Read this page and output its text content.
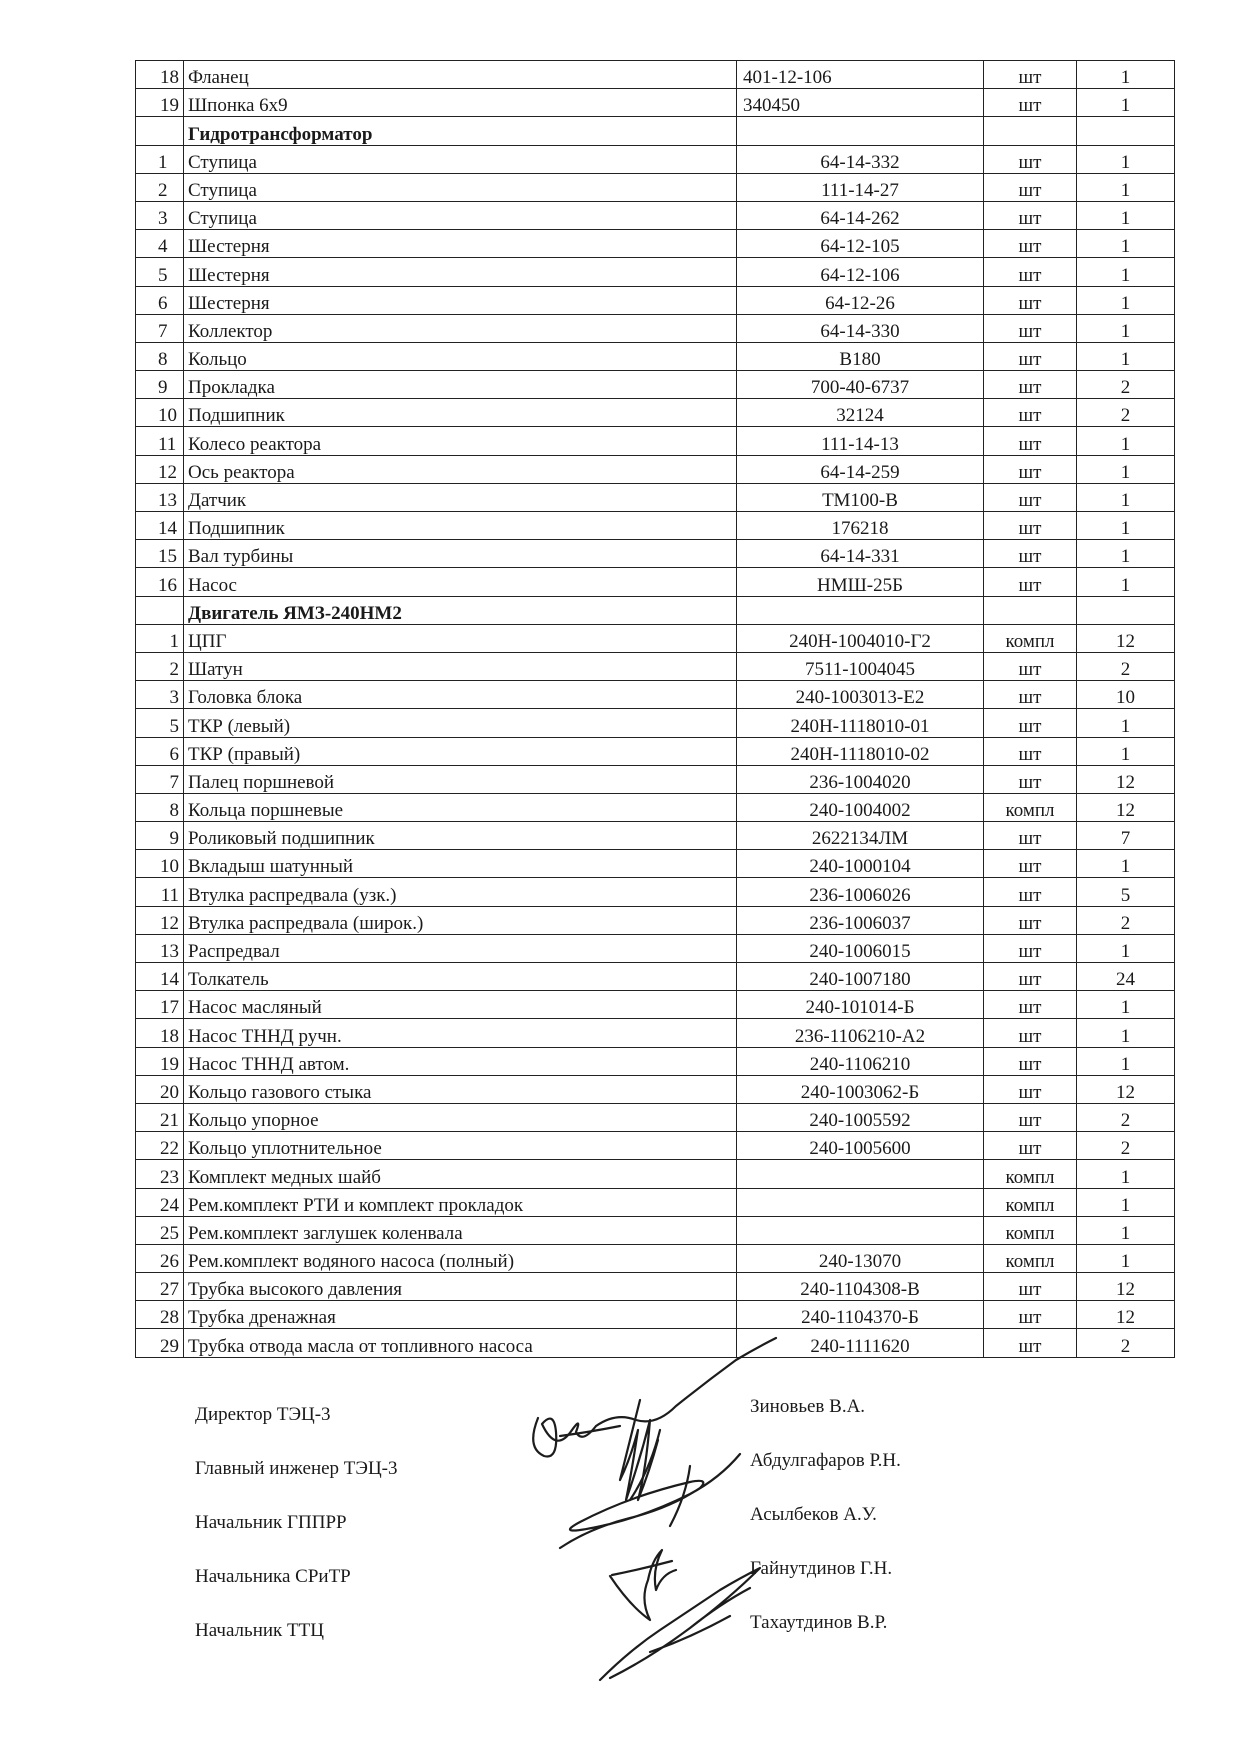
18	Фланец	401-12-106	шт	1
19	Шпонка 6х9	340450	шт	1
	Гидротрансформатор			
1	Ступица	64-14-332	шт	1
2	Ступица	111-14-27	шт	1
3	Ступица	64-14-262	шт	1
4	Шестерня	64-12-105	шт	1
5	Шестерня	64-12-106	шт	1
6	Шестерня	64-12-26	шт	1
7	Коллектор	64-14-330	шт	1
8	Кольцо	В180	шт	1
9	Прокладка	700-40-6737	шт	2
10	Подшипник	32124	шт	2
11	Колесо реактора	111-14-13	шт	1
12	Ось реактора	64-14-259	шт	1
13	Датчик	ТМ100-В	шт	1
14	Подшипник	176218	шт	1
15	Вал турбины	64-14-331	шт	1
16	Насос	НМШ-25Б	шт	1
	Двигатель ЯМЗ-240НМ2			
1	ЦПГ	240Н-1004010-Г2	компл	12
2	Шатун	7511-1004045	шт	2
3	Головка блока	240-1003013-Е2	шт	10
5	ТКР (левый)	240Н-1118010-01	шт	1
6	ТКР (правый)	240Н-1118010-02	шт	1
7	Палец поршневой	236-1004020	шт	12
8	Кольца поршневые	240-1004002	компл	12
9	Роликовый подшипник	2622134ЛМ	шт	7
10	Вкладыш шатунный	240-1000104	шт	1
11	Втулка распредвала (узк.)	236-1006026	шт	5
12	Втулка распредвала (широк.)	236-1006037	шт	2
13	Распредвал	240-1006015	шт	1
14	Толкатель	240-1007180	шт	24
17	Насос масляный	240-101014-Б	шт	1
18	Насос ТННД ручн.	236-1106210-А2	шт	1
19	Насос ТННД автом.	240-1106210	шт	1
20	Кольцо газового стыка	240-1003062-Б	шт	12
21	Кольцо упорное	240-1005592	шт	2
22	Кольцо уплотнительное	240-1005600	шт	2
23	Комплект медных шайб		компл	1
24	Рем.комплект РТИ и комплект прокладок		компл	1
25	Рем.комплект заглушек коленвала		компл	1
26	Рем.комплект водяного насоса (полный)	240-13070	компл	1
27	Трубка высокого давления	240-1104308-В	шт	12
28	Трубка дренажная	240-1104370-Б	шт	12
29	Трубка отвода масла от топливного насоса	240-1111620	шт	2
Директор ТЭЦ-3	Зиновьев В.А.
Главный инженер ТЭЦ-3	Абдулгафаров Р.Н.
Начальник ГППРР	Асылбеков А.У.
Начальника СРиТР	Гайнутдинов Г.Н.
Начальник ТТЦ	Тахаутдинов В.Р.
